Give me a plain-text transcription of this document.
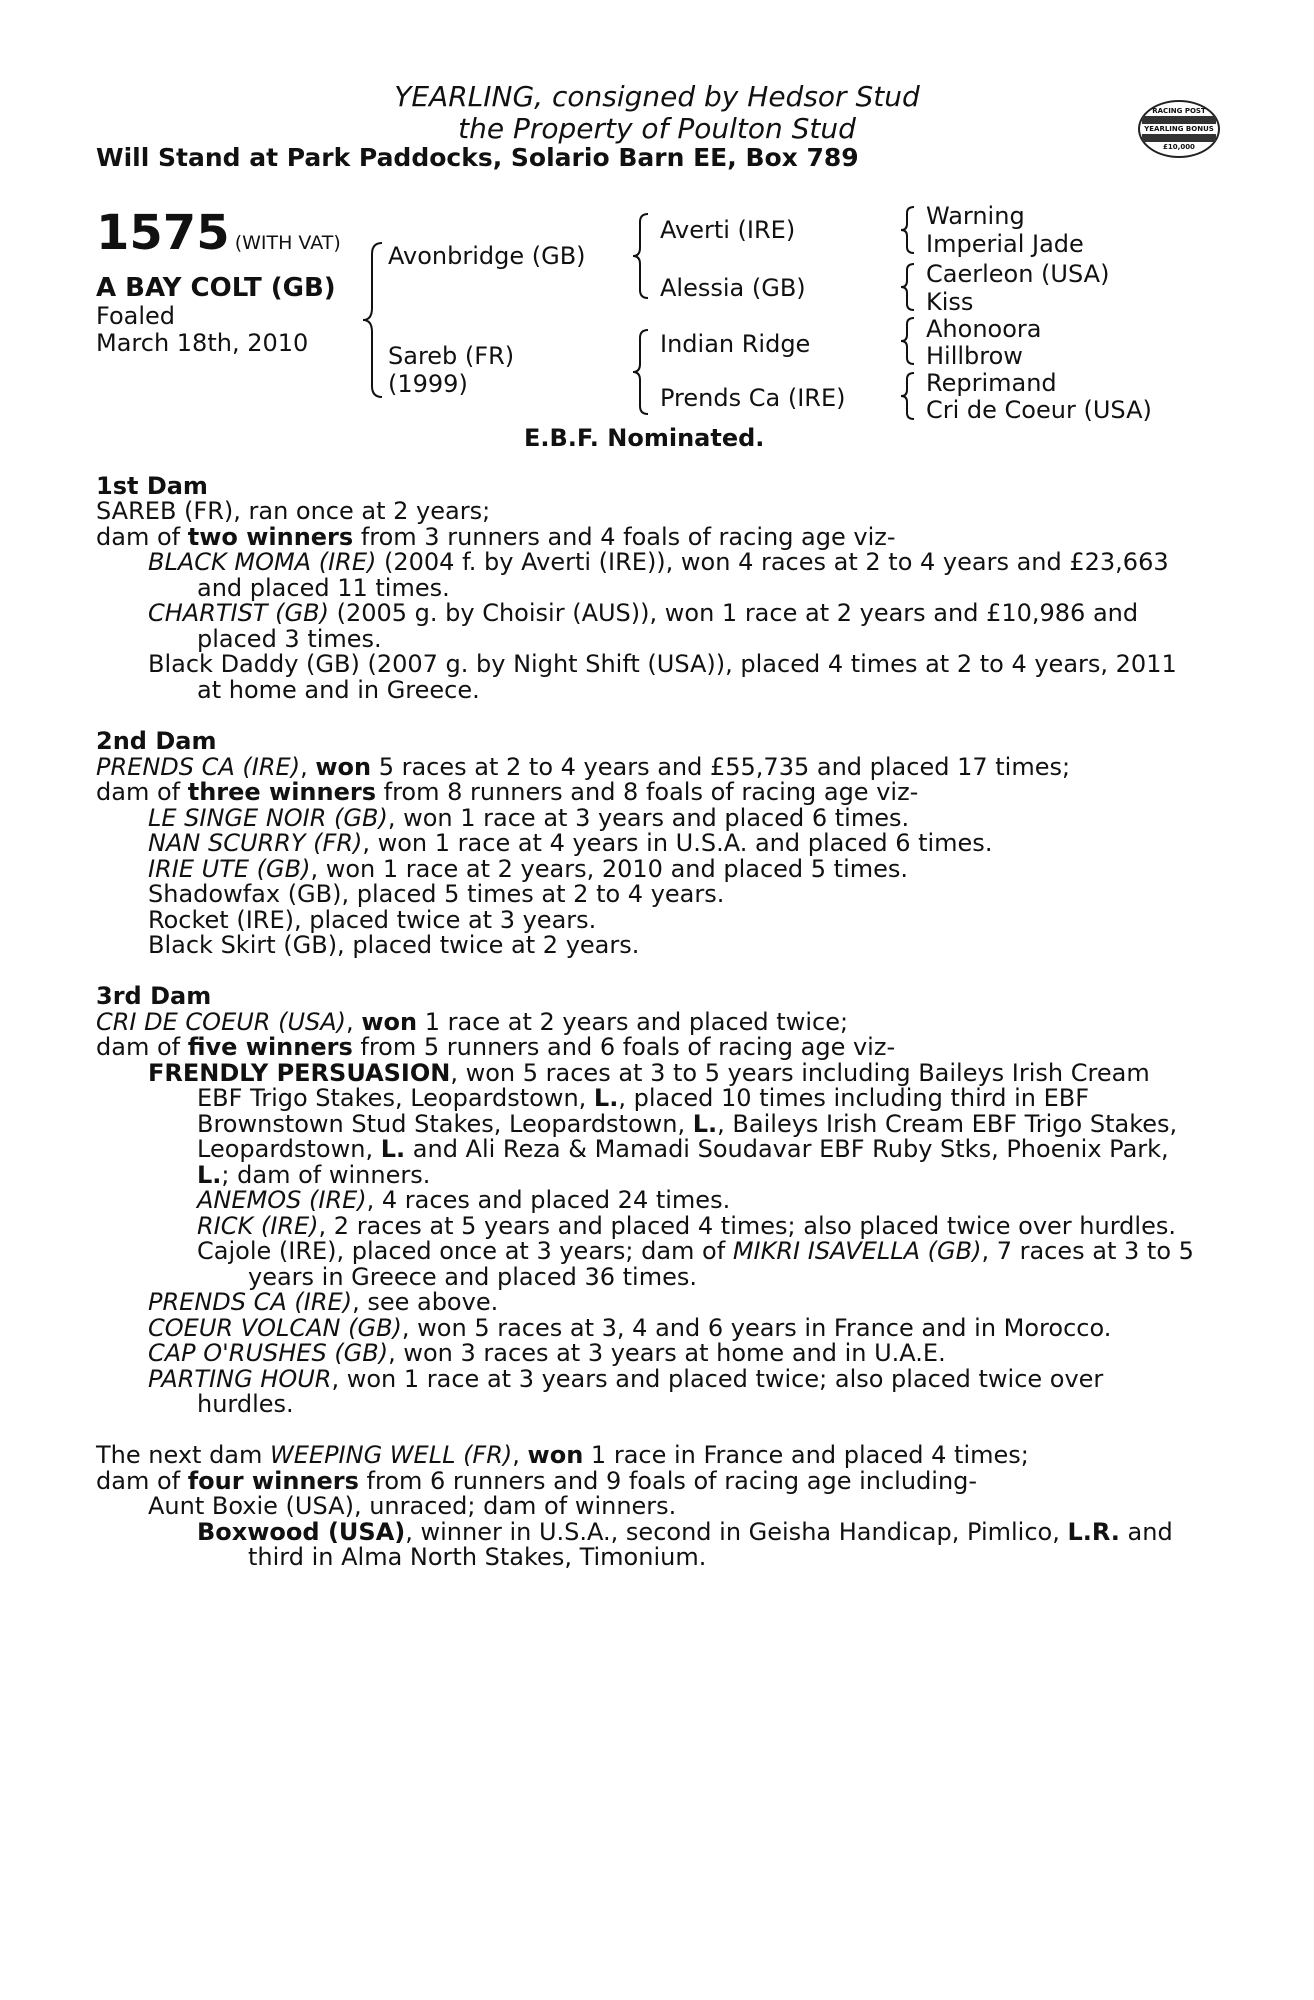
YEARLING, consigned by Hedsor Stud
the Property of Poulton Stud
Will Stand at Park Paddocks, Solario Barn EE, Box 789
RACING POST
YEARLING BONUS
£10,000
1575 (WITH VAT)
A BAY COLT (GB)
Foaled
March 18th, 2010
Avonbridge (GB)
Sareb (FR)
(1999)
Averti (IRE)
Alessia (GB)
Indian Ridge
Prends Ca (IRE)
Warning
Imperial Jade
Caerleon (USA)
Kiss
Ahonoora
Hillbrow
Reprimand
Cri de Coeur (USA)
E.B.F. Nominated.
1st Dam
SAREB (FR), ran once at 2 years;
dam of two winners from 3 runners and 4 foals of racing age viz-
BLACK MOMA (IRE) (2004 f. by Averti (IRE)), won 4 races at 2 to 4 years and £23,663
and placed 11 times.
CHARTIST (GB) (2005 g. by Choisir (AUS)), won 1 race at 2 years and £10,986 and
placed 3 times.
Black Daddy (GB) (2007 g. by Night Shift (USA)), placed 4 times at 2 to 4 years, 2011
at home and in Greece.
2nd Dam
PRENDS CA (IRE), won 5 races at 2 to 4 years and £55,735 and placed 17 times;
dam of three winners from 8 runners and 8 foals of racing age viz-
LE SINGE NOIR (GB), won 1 race at 3 years and placed 6 times.
NAN SCURRY (FR), won 1 race at 4 years in U.S.A. and placed 6 times.
IRIE UTE (GB), won 1 race at 2 years, 2010 and placed 5 times.
Shadowfax (GB), placed 5 times at 2 to 4 years.
Rocket (IRE), placed twice at 3 years.
Black Skirt (GB), placed twice at 2 years.
3rd Dam
CRI DE COEUR (USA), won 1 race at 2 years and placed twice;
dam of five winners from 5 runners and 6 foals of racing age viz-
FRENDLY PERSUASION, won 5 races at 3 to 5 years including Baileys Irish Cream
EBF Trigo Stakes, Leopardstown, L., placed 10 times including third in EBF
Brownstown Stud Stakes, Leopardstown, L., Baileys Irish Cream EBF Trigo Stakes,
Leopardstown, L. and Ali Reza & Mamadi Soudavar EBF Ruby Stks, Phoenix Park,
L.; dam of winners.
ANEMOS (IRE), 4 races and placed 24 times.
RICK (IRE), 2 races at 5 years and placed 4 times; also placed twice over hurdles.
Cajole (IRE), placed once at 3 years; dam of MIKRI ISAVELLA (GB), 7 races at 3 to 5
years in Greece and placed 36 times.
PRENDS CA (IRE), see above.
COEUR VOLCAN (GB), won 5 races at 3, 4 and 6 years in France and in Morocco.
CAP O'RUSHES (GB), won 3 races at 3 years at home and in U.A.E.
PARTING HOUR, won 1 race at 3 years and placed twice; also placed twice over
hurdles.
The next dam WEEPING WELL (FR), won 1 race in France and placed 4 times;
dam of four winners from 6 runners and 9 foals of racing age including-
Aunt Boxie (USA), unraced; dam of winners.
Boxwood (USA), winner in U.S.A., second in Geisha Handicap, Pimlico, L.R. and
third in Alma North Stakes, Timonium.
